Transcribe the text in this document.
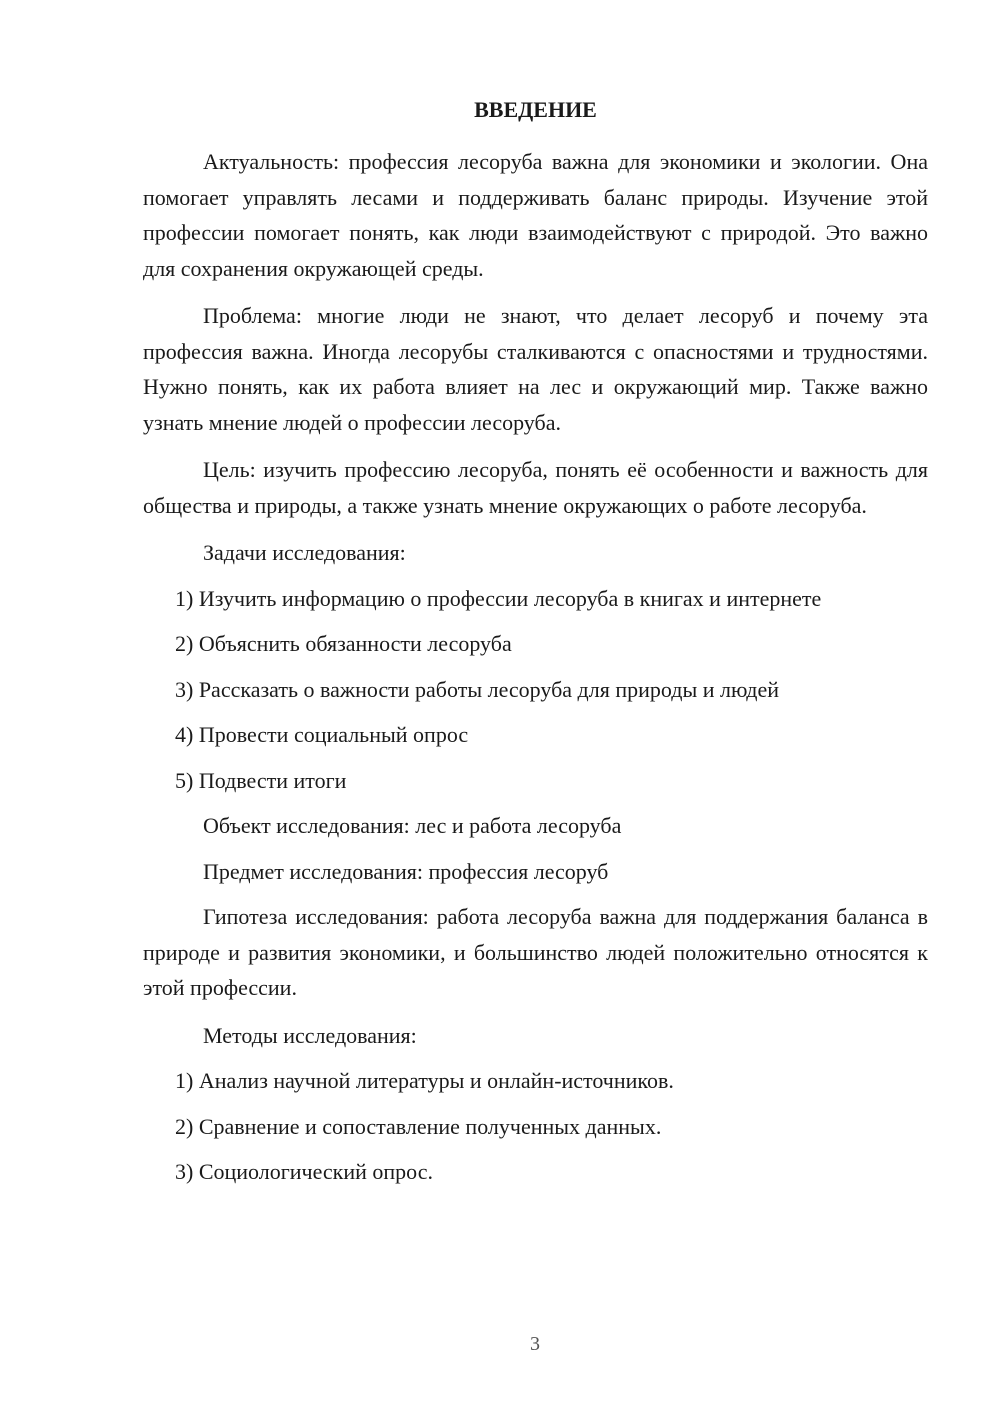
ВВЕДЕНИЕ

Актуальность: профессия лесоруба важна для экономики и экологии. Она помогает управлять лесами и поддерживать баланс природы. Изучение этой профессии помогает понять, как люди взаимодействуют с природой. Это важно для сохранения окружающей среды.

Проблема: многие люди не знают, что делает лесоруб и почему эта профессия важна. Иногда лесорубы сталкиваются с опасностями и трудностями. Нужно понять, как их работа влияет на лес и окружающий мир. Также важно узнать мнение людей о профессии лесоруба.

Цель: изучить профессию лесоруба, понять её особенности и важность для общества и природы, а также узнать мнение окружающих о работе лесоруба.

Задачи исследования:

1) Изучить информацию о профессии лесоруба в книгах и интернете
2) Объяснить обязанности лесоруба
3) Рассказать о важности работы лесоруба для природы и людей
4) Провести социальный опрос
5) Подвести итоги

Объект исследования: лес и работа лесоруба

Предмет исследования: профессия лесоруб

Гипотеза исследования: работа лесоруба важна для поддержания баланса в природе и развития экономики, и большинство людей положительно относятся к этой профессии.

Методы исследования:

1) Анализ научной литературы и онлайн-источников.
2) Сравнение и сопоставление полученных данных.
3) Социологический опрос.
3
